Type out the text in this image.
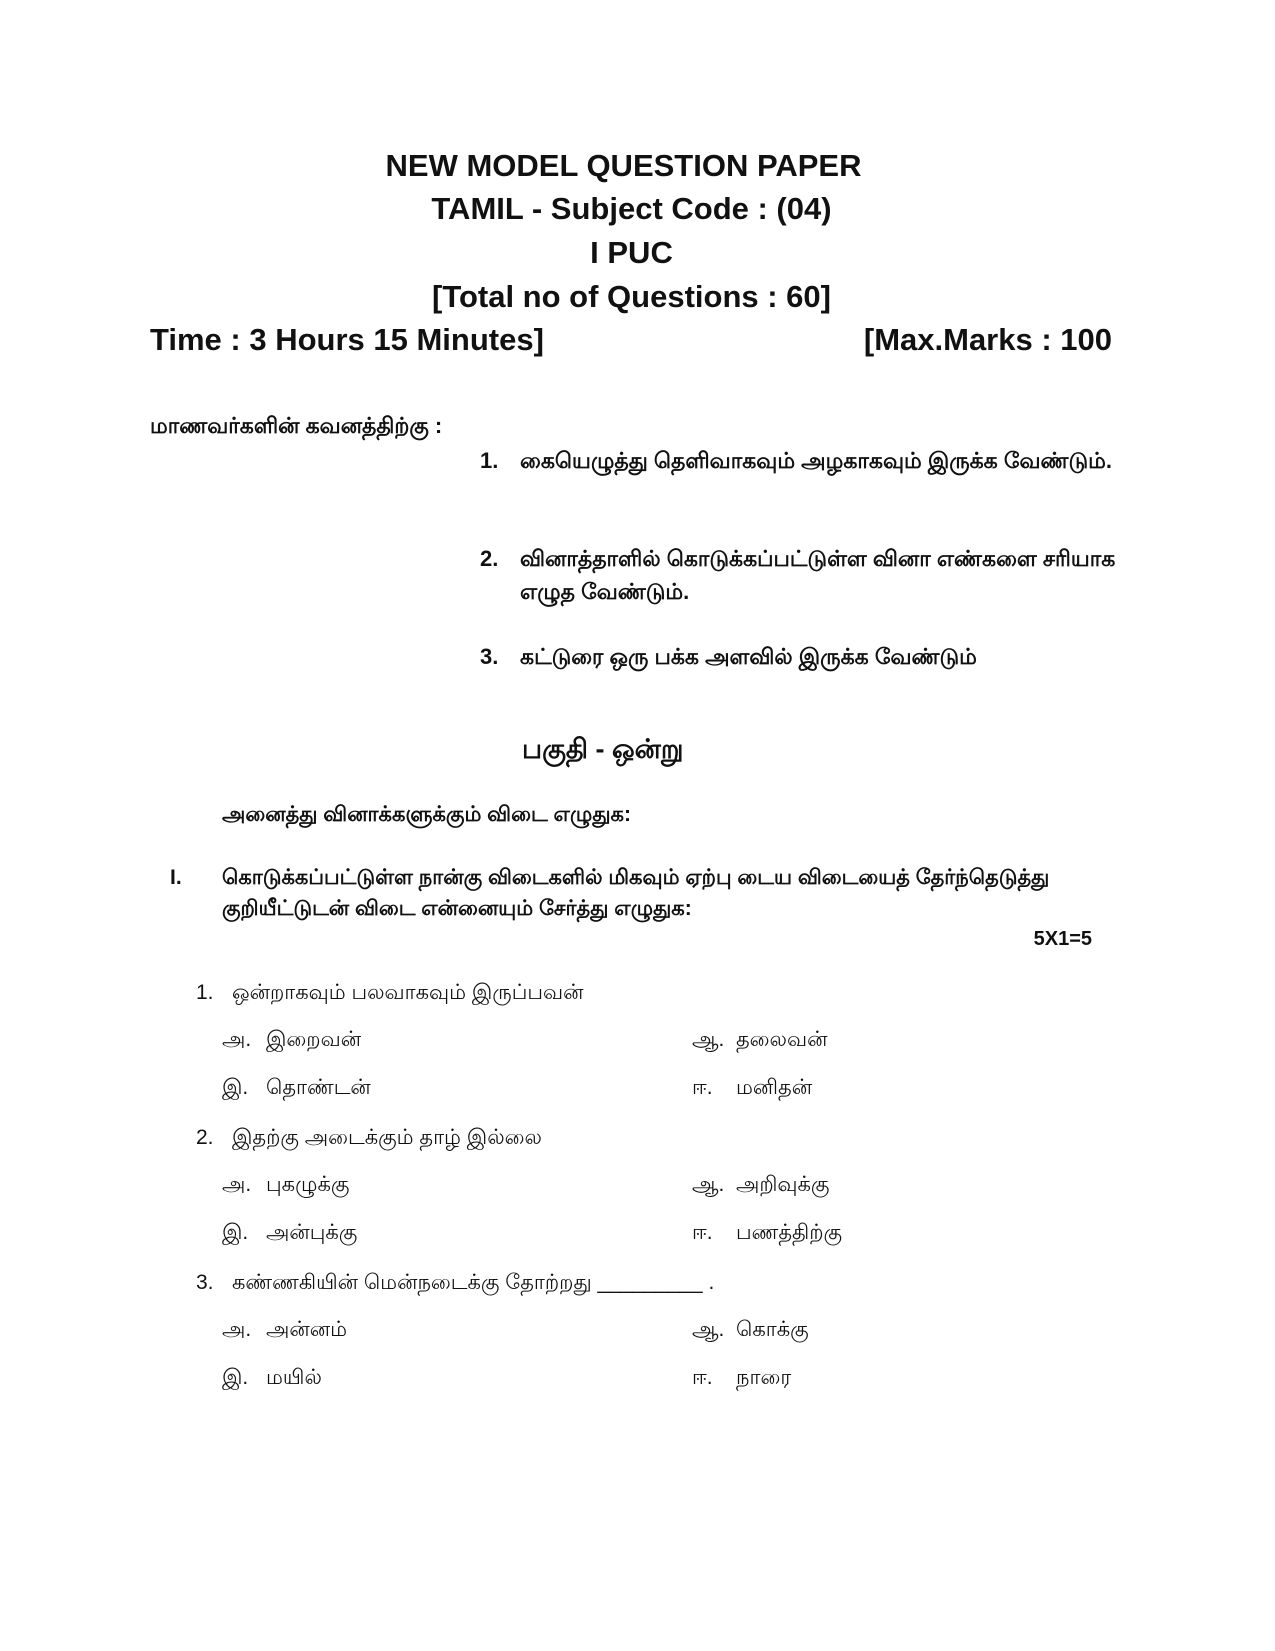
NEW MODEL QUESTION PAPER
TAMIL - Subject Code : (04)
I PUC
[Total no of Questions : 60]
Time : 3 Hours 15 Minutes]	[Max.Marks : 100
மாணவர்களின் கவனத்திற்கு :
1. கையெழுத்து தெளிவாகவும் அழகாகவும் இருக்க வேண்டும்.
2. வினாத்தாளில் கொடுக்கப்பட்டுள்ள வினா எண்களை சரியாக எழுத வேண்டும்.
3. கட்டுரை ஒரு பக்க அளவில் இருக்க வேண்டும்
பகுதி - ஒன்று
அனைத்து வினாக்களுக்கும் விடை எழுதுக:
I. கொடுக்கப்பட்டுள்ள நான்கு விடைகளில் மிகவும் ஏற்பு டைய விடையைத் தேர்ந்தெடுத்து குறியீட்டுடன் விடை என்னையும் சேர்த்து எழுதுக:
5X1=5
1. ஒன்றாகவும் பலவாகவும் இருப்பவன்
அ. இறைவன்	ஆ. தலைவன்
இ. தொண்டன்	ஈ. மனிதன்
2. இதற்கு அடைக்கும் தாழ் இல்லை
அ. புகழுக்கு	ஆ. அறிவுக்கு
இ. அன்புக்கு	ஈ. பணத்திற்கு
3. கண்ணகியின் மென்நடைக்கு தோற்றது _________ .
அ. அன்னம்	ஆ. கொக்கு
இ. மயில்	ஈ. நாரை
